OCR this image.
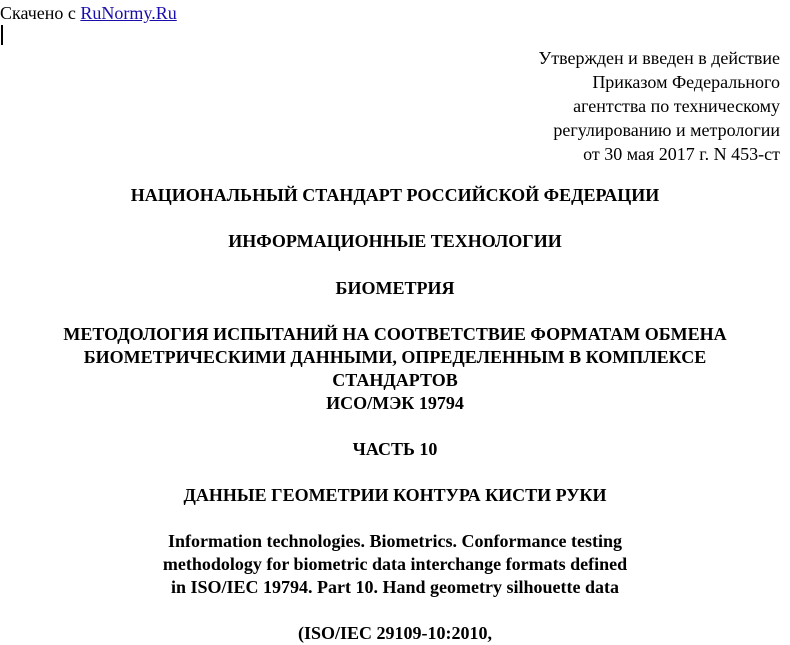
Скачено с RuNormy.Ru
Утвержден и введен в действие
Приказом Федерального
агентства по техническому
регулированию и метрологии
от 30 мая 2017 г. N 453-ст
НАЦИОНАЛЬНЫЙ СТАНДАРТ РОССИЙСКОЙ ФЕДЕРАЦИИ
ИНФОРМАЦИОННЫЕ ТЕХНОЛОГИИ
БИОМЕТРИЯ
МЕТОДОЛОГИЯ ИСПЫТАНИЙ НА СООТВЕТСТВИЕ ФОРМАТАМ ОБМЕНА
БИОМЕТРИЧЕСКИМИ ДАННЫМИ, ОПРЕДЕЛЕННЫМ В КОМПЛЕКСЕ
СТАНДАРТОВ
ИСО/МЭК 19794
ЧАСТЬ 10
ДАННЫЕ ГЕОМЕТРИИ КОНТУРА КИСТИ РУКИ
Information technologies. Biometrics. Conformance testing
methodology for biometric data interchange formats defined
in ISO/IEC 19794. Part 10. Hand geometry silhouette data
(ISO/IEC 29109-10:2010,
